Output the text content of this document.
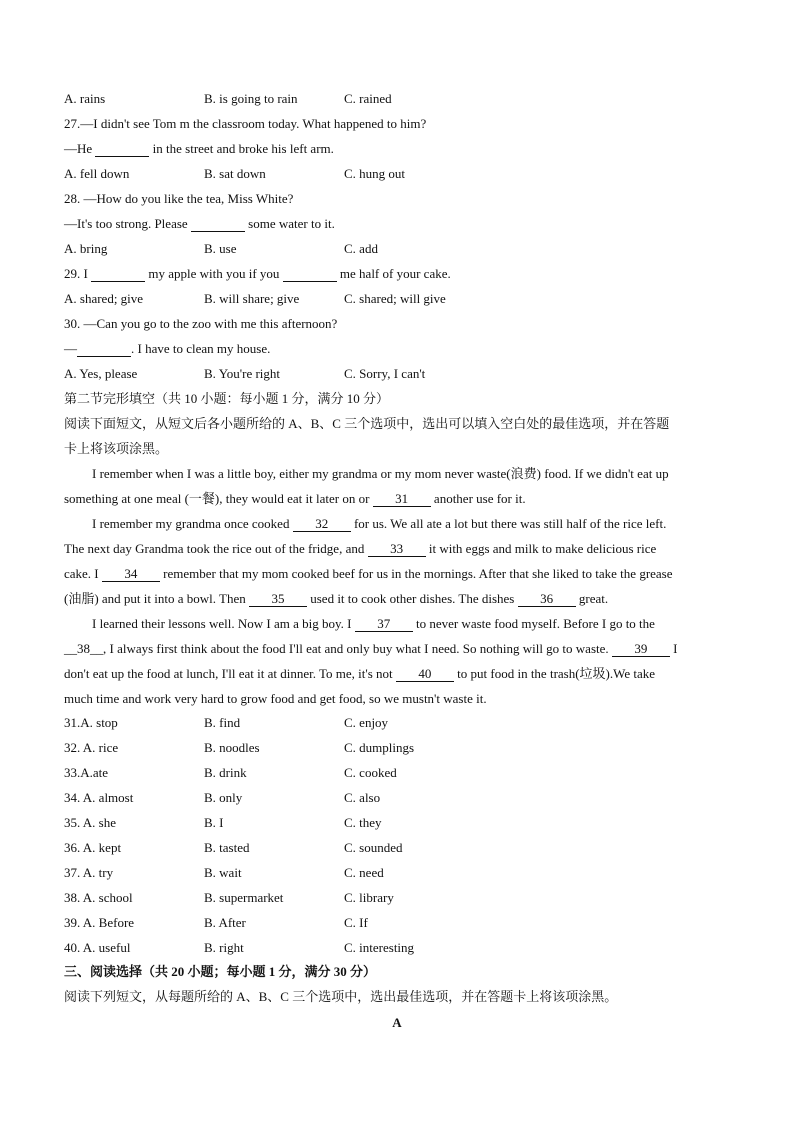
A. rains	B. is going to rain	C. rained
27.—I didn't see Tom m the classroom today. What happened to him?
—He	in the street and broke his left arm.
A. fell down	B. sat down	C. hung out
28. —How do you like the tea, Miss White?
—It's too strong. Please	some water to it.
A. bring	B. use	C. add
29. I	my apple with you if you	me half of your cake.
A. shared; give	B. will share; give	C. shared; will give
30. —Can you go to the zoo with me this afternoon?
—	. I have to clean my house.
A. Yes, please	B. You're right	C. Sorry, I can't
第二节完形填空（共 10 小题：每小题 1 分，满分 10 分）
阅读下面短文，从短文后各小题所给的 A、B、C 三个选项中，选出可以填入空白处的最佳选项，并在答题
卡上将该项涂黑。
I remember when I was a little boy, either my grandma or my mom never waste(浪费) food. If we didn't eat up
something at one meal (一餐), they would eat it later on or 31 another use for it.
I remember my grandma once cooked 32 for us. We all ate a lot but there was still half of the rice left.
The next day Grandma took the rice out of the fridge, and 33 it with eggs and milk to make delicious rice
cake. I 34 remember that my mom cooked beef for us in the mornings. After that she liked to take the grease
(油脂) and put it into a bowl. Then 35 used it to cook other dishes. The dishes 36 great.
I learned their lessons well. Now I am a big boy. I 37 to never waste food myself. Before I go to the
__38__, I always first think about the food I'll eat and only buy what I need. So nothing will go to waste. 39 I
don't eat up the food at lunch, I'll eat it at dinner. To me, it's not 40 to put food in the trash(垃圾).We take
much time and work very hard to grow food and get food, so we mustn't waste it.
31.A. stop	B. find	C. enjoy
32. A. rice	B. noodles	C. dumplings
33.A.ate	B. drink	C. cooked
34. A. almost	B. only	C. also
35. A. she	B. I	C. they
36. A. kept	B. tasted	C. sounded
37. A. try	B. wait	C. need
38. A. school	B. supermarket	C. library
39. A. Before	B. After	C. If
40. A. useful	B. right	C. interesting
三、阅读选择（共 20 小题；每小题 1 分，满分 30 分）
阅读下列短文，从每题所给的 A、B、C 三个选项中，选出最佳选项，并在答题卡上将该项涂黑。
A
